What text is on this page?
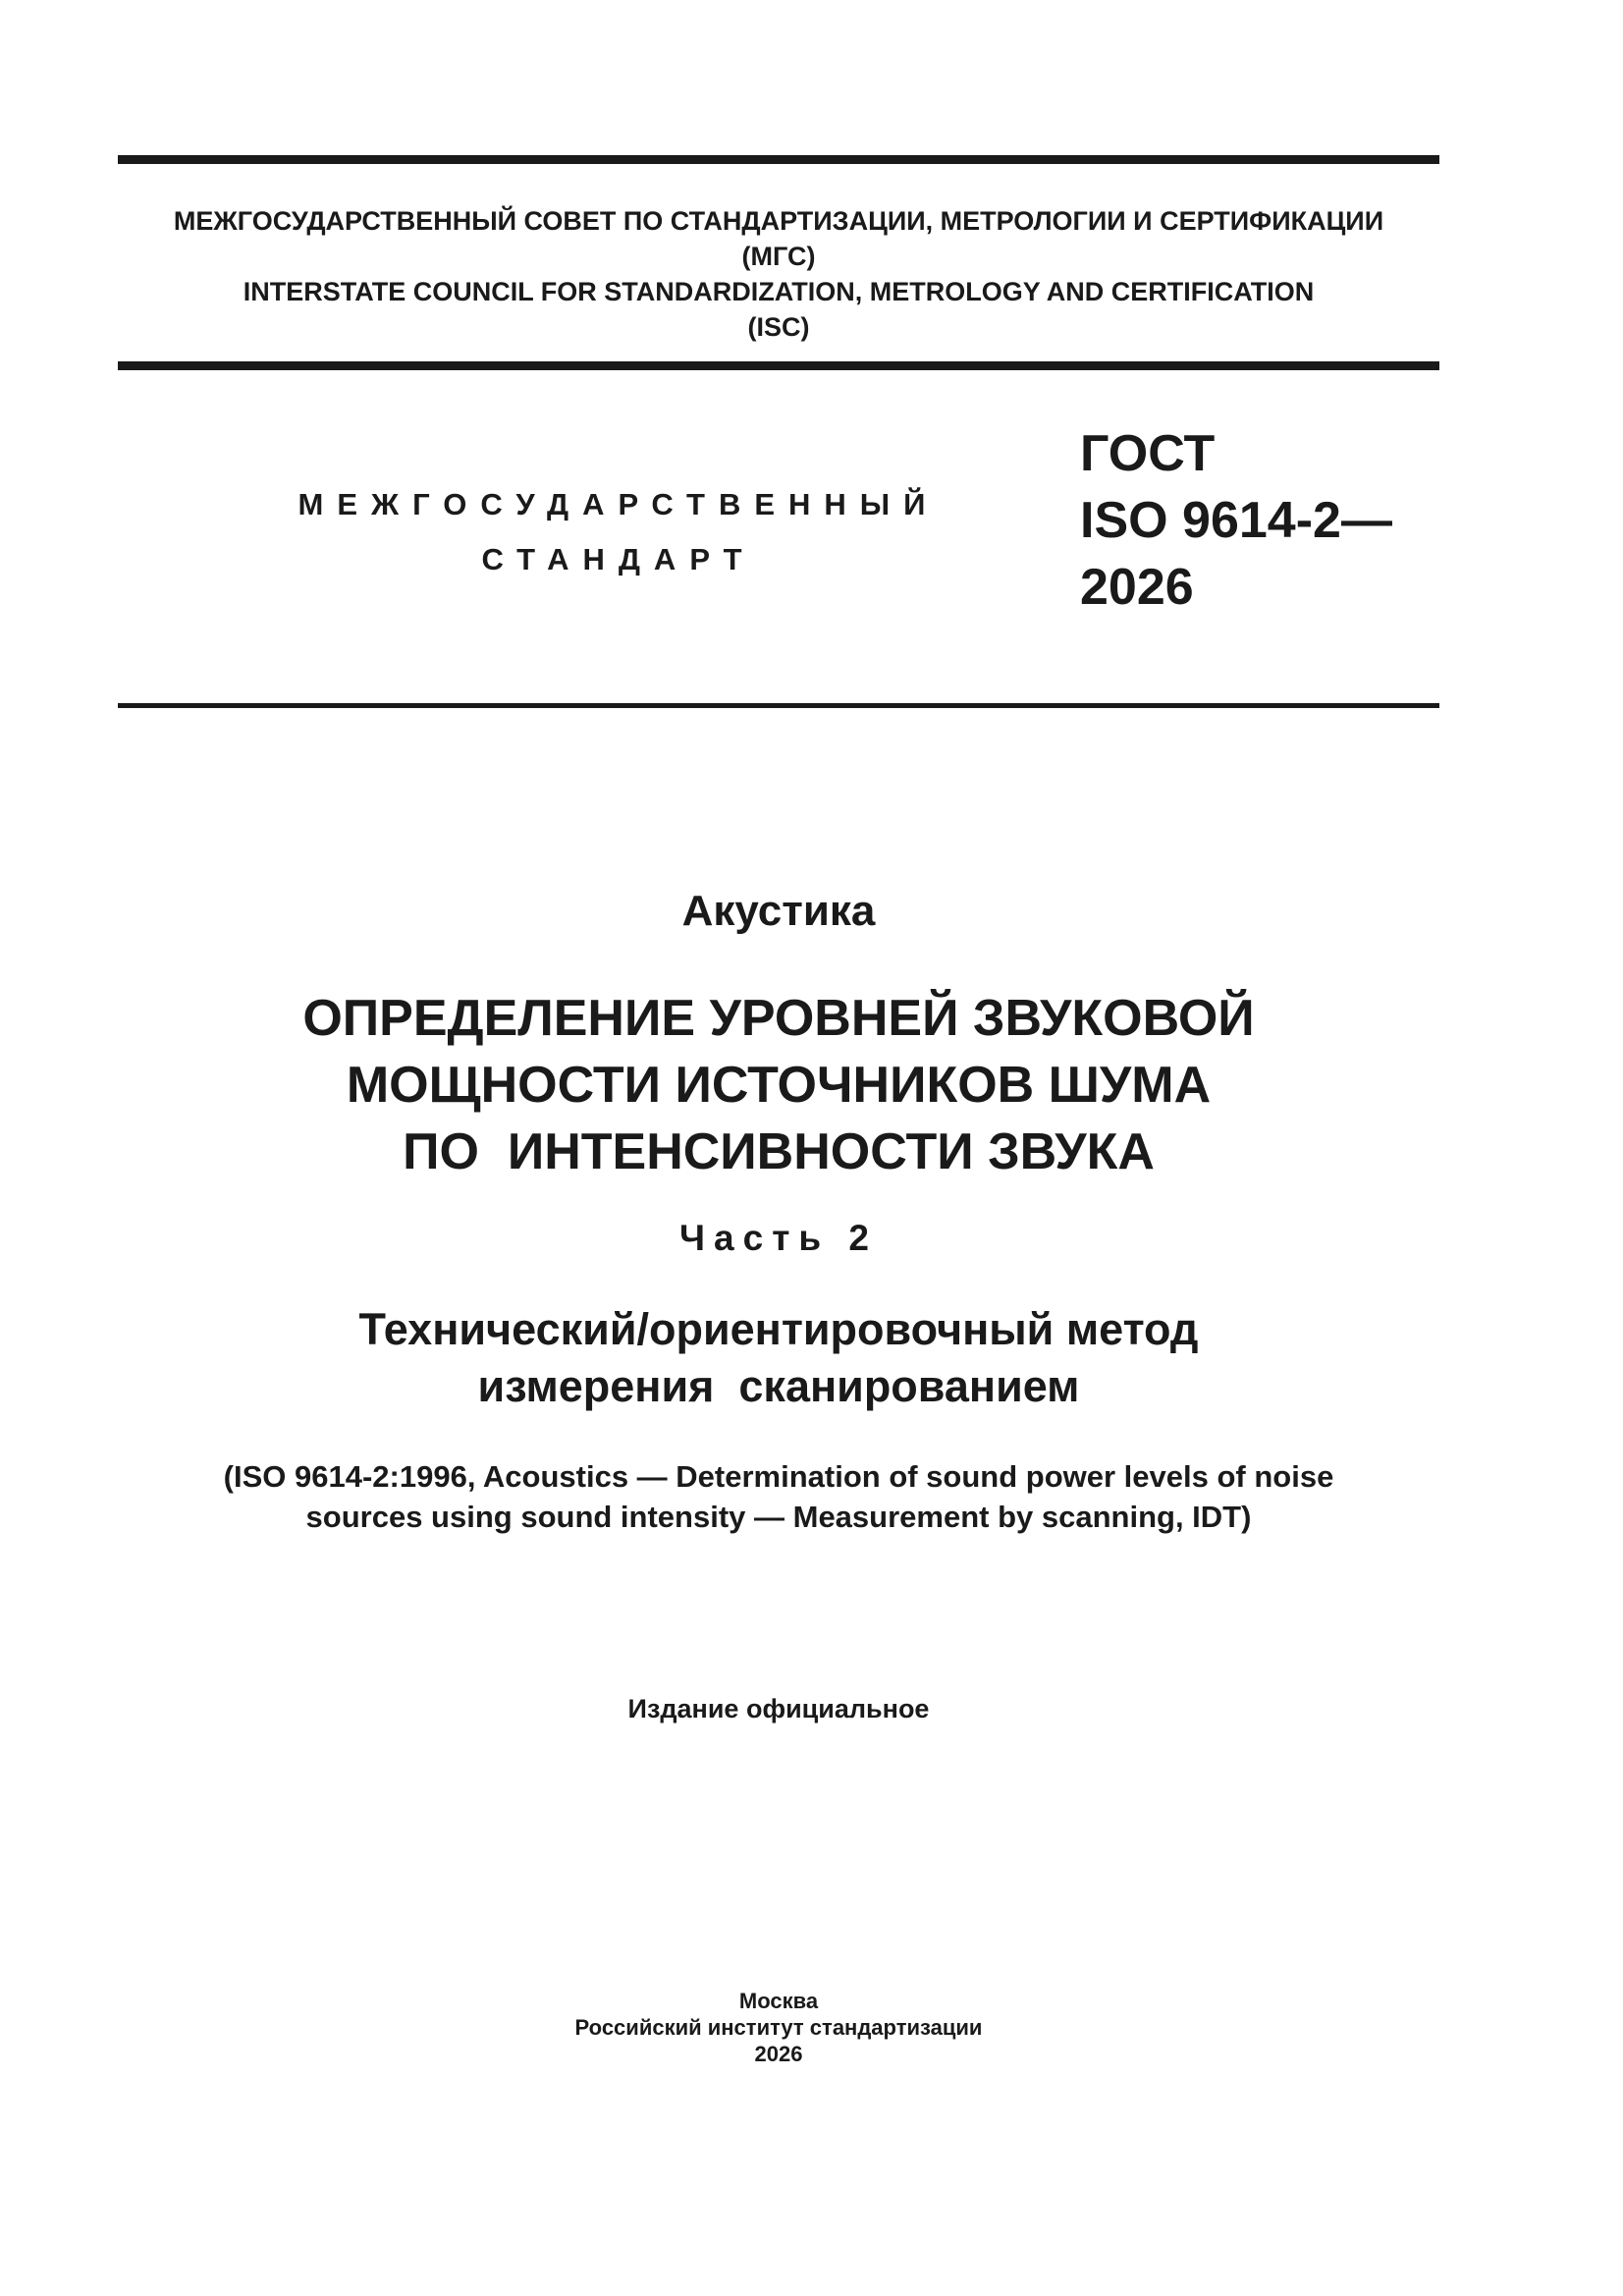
МЕЖГОСУДАРСТВЕННЫЙ СОВЕТ ПО СТАНДАРТИЗАЦИИ, МЕТРОЛОГИИ И СЕРТИФИКАЦИИ
(МГС)
INTERSTATE COUNCIL FOR STANDARDIZATION, METROLOGY AND CERTIFICATION
(ISC)
МЕЖГОСУДАРСТВЕННЫЙ
СТАНДАРТ
ГОСТ
ISO 9614-2—
2026
Акустика
ОПРЕДЕЛЕНИЕ УРОВНЕЙ ЗВУКОВОЙ
МОЩНОСТИ ИСТОЧНИКОВ ШУМА
ПО  ИНТЕНСИВНОСТИ ЗВУКА
Часть 2
Технический/ориентировочный метод
измерения  сканированием
(ISO 9614-2:1996, Acoustics — Determination of sound power levels of noise
sources using sound intensity — Measurement by scanning, IDT)
Издание официальное
Москва
Российский институт стандартизации
2026
